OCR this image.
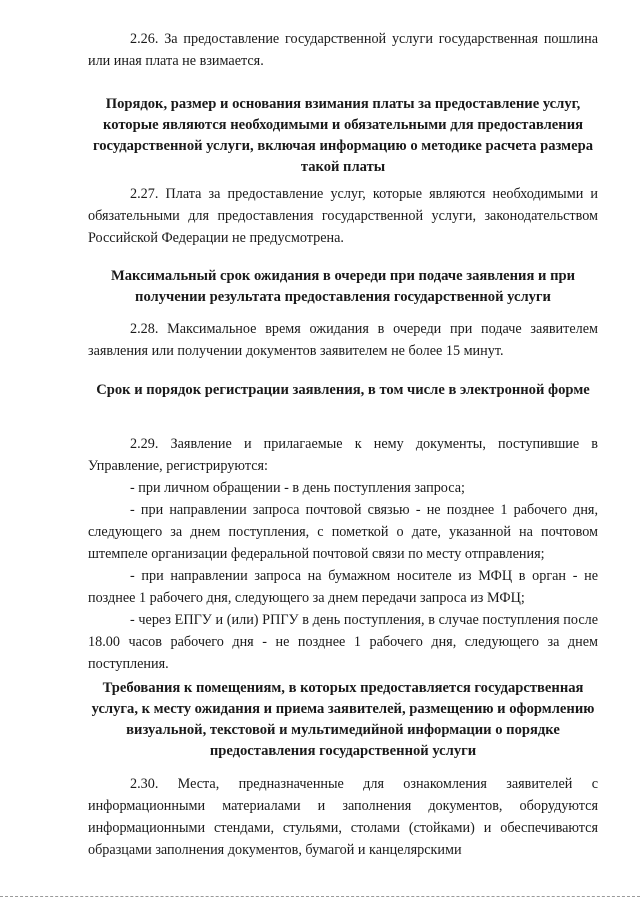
2.26. За предоставление государственной услуги государственная пошлина или иная плата не взимается.

Порядок, размер и основания взимания платы за предоставление услуг, которые являются необходимыми и обязательными для предоставления государственной услуги, включая информацию о методике расчета размера такой платы

2.27. Плата за предоставление услуг, которые являются необходимыми и обязательными для предоставления государственной услуги, законодательством Российской Федерации не предусмотрена.

Максимальный срок ожидания в очереди при подаче заявления и при получении результата предоставления государственной услуги

2.28. Максимальное время ожидания в очереди при подаче заявителем заявления или получении документов заявителем не более 15 минут.

Срок и порядок регистрации заявления, в том числе в электронной форме

2.29. Заявление и прилагаемые к нему документы, поступившие в Управление, регистрируются:

- при личном обращении - в день поступления запроса;

- при направлении запроса почтовой связью - не позднее 1 рабочего дня, следующего за днем поступления, с пометкой о дате, указанной на почтовом штемпеле организации федеральной почтовой связи по месту отправления;

- при направлении запроса на бумажном носителе из МФЦ в орган - не позднее 1 рабочего дня, следующего за днем передачи запроса из МФЦ;

- через ЕПГУ и (или) РПГУ в день поступления, в случае поступления после 18.00 часов рабочего дня - не позднее 1 рабочего дня, следующего за днем поступления.

Требования к помещениям, в которых предоставляется государственная услуга, к месту ожидания и приема заявителей, размещению и оформлению визуальной, текстовой и мультимедийной информации о порядке предоставления государственной услуги

2.30. Места, предназначенные для ознакомления заявителей с информационными материалами и заполнения документов, оборудуются информационными стендами, стульями, столами (стойками) и обеспечиваются образцами заполнения документов, бумагой и канцелярскими
